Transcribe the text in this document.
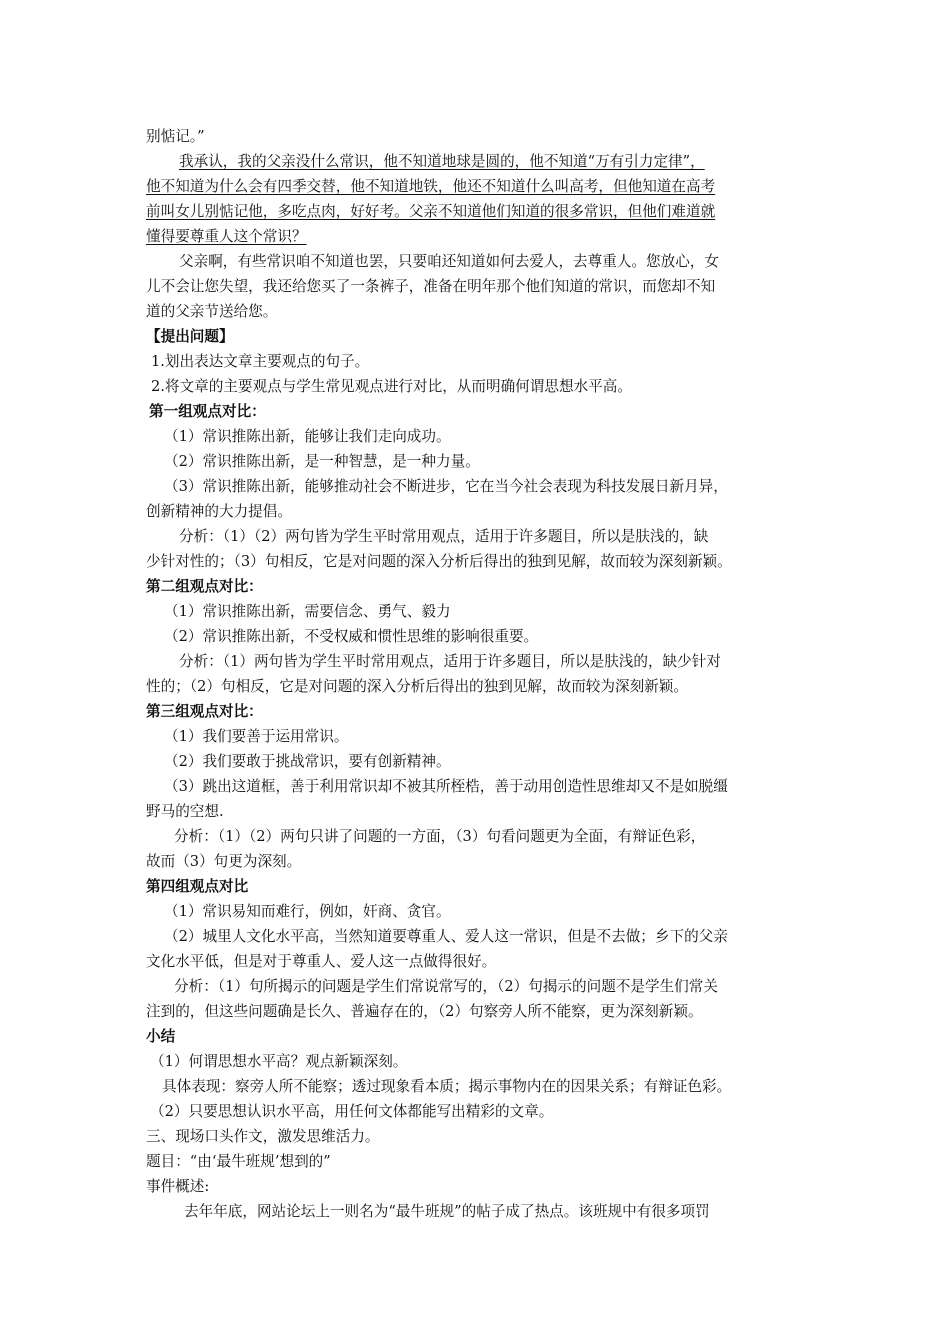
别惦记。”
我承认，我的父亲没什么常识，他不知道地球是圆的，他不知道“万有引力定律”，
他不知道为什么会有四季交替，他不知道地铁，他还不知道什么叫高考，但他知道在高考
前叫女儿别惦记他，多吃点肉，好好考。父亲不知道他们知道的很多常识，但他们难道就
懂得要尊重人这个常识？
父亲啊，有些常识咱不知道也罢，只要咱还知道如何去爱人，去尊重人。您放心，女
儿不会让您失望，我还给您买了一条裤子，准备在明年那个他们知道的常识，而您却不知
道的父亲节送给您。
【提出问题】
1.划出表达文章主要观点的句子。
2.将文章的主要观点与学生常见观点进行对比，从而明确何谓思想水平高。
第一组观点对比：
（1）常识推陈出新，能够让我们走向成功。
（2）常识推陈出新，是一种智慧，是一种力量。
（3）常识推陈出新，能够推动社会不断进步，它在当今社会表现为科技发展日新月异，
创新精神的大力提倡。
分析：（1）（2）两句皆为学生平时常用观点，适用于许多题目，所以是肤浅的，缺
少针对性的；（3）句相反，它是对问题的深入分析后得出的独到见解，故而较为深刻新颖。
第二组观点对比：
（1）常识推陈出新，需要信念、勇气、毅力
（2）常识推陈出新，不受权威和惯性思维的影响很重要。
分析：（1）两句皆为学生平时常用观点，适用于许多题目，所以是肤浅的，缺少针对
性的；（2）句相反，它是对问题的深入分析后得出的独到见解，故而较为深刻新颖。
第三组观点对比：
（1）我们要善于运用常识。
（2）我们要敢于挑战常识，要有创新精神。
（3）跳出这道框，善于利用常识却不被其所桎梏，善于动用创造性思维却又不是如脱缰
野马的空想.
分析：（1）（2）两句只讲了问题的一方面，（3）句看问题更为全面，有辩证色彩，
故而（3）句更为深刻。
第四组观点对比
（1）常识易知而难行，例如，奸商、贪官。
（2）城里人文化水平高，当然知道要尊重人、爱人这一常识，但是不去做；乡下的父亲
文化水平低，但是对于尊重人、爱人这一点做得很好。
分析：（1）句所揭示的问题是学生们常说常写的，（2）句揭示的问题不是学生们常关
注到的，但这些问题确是长久、普遍存在的，（2）句察旁人所不能察，更为深刻新颖。
小结
（1）何谓思想水平高？观点新颖深刻。
具体表现：察旁人所不能察；透过现象看本质；揭示事物内在的因果关系；有辩证色彩。
（2）只要思想认识水平高，用任何文体都能写出精彩的文章。
三、现场口头作文，激发思维活力。
题目：“由‘最牛班规’想到的”
事件概述:
去年年底，网站论坛上一则名为“最牛班规”的帖子成了热点。该班规中有很多项罚
